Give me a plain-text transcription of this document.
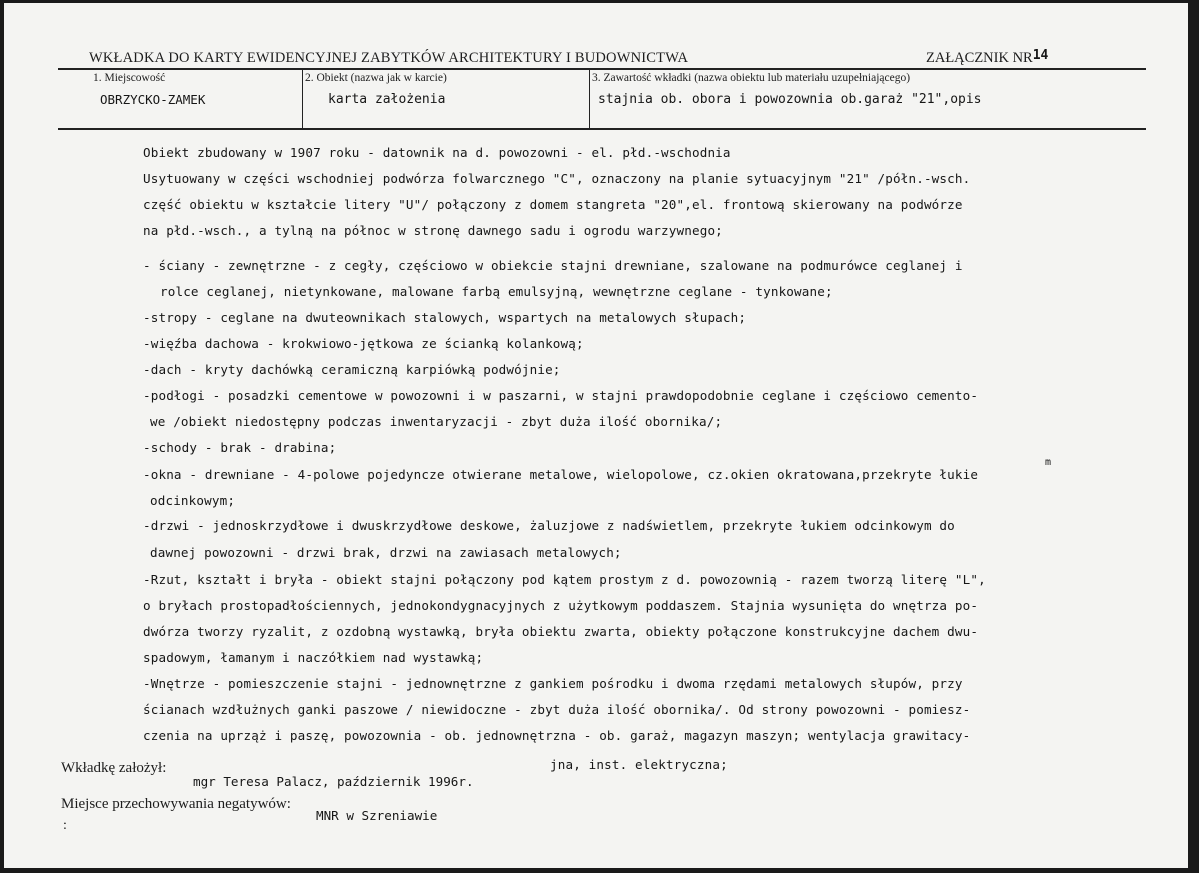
WKŁADKA DO KARTY EWIDENCYJNEJ ZABYTKÓW ARCHITEKTURY I BUDOWNICTWA	ZAŁĄCZNIK NR14
1. Miejscowość
OBRZYCKO-ZAMEK
2. Obiekt (nazwa jak w karcie)
karta założenia
3. Zawartość wkładki (nazwa obiektu lub materiału uzupełniającego)
stajnia ob. obora i powozownia ob.garaż "21",opis
Obiekt zbudowany w 1907 roku - datownik na d. powozowni - el. płd.-wschodnia
Usytuowany w części wschodniej podwórza folwarcznego "C", oznaczony na planie sytuacyjnym "21" /półn.-wsch.
część obiektu w kształcie litery "U"/ połączony z domem stangreta "20",el. frontową skierowany na podwórze
na płd.-wsch., a tylną na północ w stronę dawnego sadu i ogrodu warzywnego;
- ściany - zewnętrzne - z cegły, częściowo w obiekcie stajni drewniane, szalowane na podmurówce ceglanej i
rolce ceglanej, nietynkowane, malowane farbą emulsyjną, wewnętrzne ceglane - tynkowane;
-stropy - ceglane na dwuteownikach stalowych, wspartych na metalowych słupach;
-więźba dachowa - krokwiowo-jętkowa ze ścianką kolankową;
-dach - kryty dachówką ceramiczną karpiówką podwójnie;
-podłogi - posadzki cementowe w powozowni i w paszarni, w stajni prawdopodobnie ceglane i częściowo cemento-
we /obiekt niedostępny podczas inwentaryzacji - zbyt duża ilość obornika/;
-schody - brak - drabina;
-okna - drewniane - 4-polowe pojedyncze otwierane metalowe, wielopolowe, cz.okien okratowana,przekryte łukie
m
odcinkowym;
-drzwi - jednoskrzydłowe i dwuskrzydłowe deskowe, żaluzjowe z nadświetlem, przekryte łukiem odcinkowym do
dawnej powozowni - drzwi brak, drzwi na zawiasach metalowych;
-Rzut, kształt i bryła - obiekt stajni połączony pod kątem prostym z d. powozownią - razem tworzą literę "L",
o bryłach prostopadłościennych, jednokondygnacyjnych z użytkowym poddaszem. Stajnia wysunięta do wnętrza po-
dwórza tworzy ryzalit, z ozdobną wystawką, bryła obiektu zwarta, obiekty połączone konstrukcyjne dachem dwu-
spadowym, łamanym i naczółkiem nad wystawką;
-Wnętrze - pomieszczenie stajni - jednownętrzne z gankiem pośrodku i dwoma rzędami metalowych słupów, przy
ścianach wzdłużnych ganki paszowe / niewidoczne - zbyt duża ilość obornika/. Od strony powozowni - pomiesz-
czenia na uprząż i paszę, powozownia - ob. jednownętrzna - ob. garaż, magazyn maszyn; wentylacja grawitacy-
jna, inst. elektryczna;
Wkładkę założył:
mgr Teresa Palacz, październik 1996r.
Miejsce przechowywania negatywów:
MNR w Szreniawie
:
